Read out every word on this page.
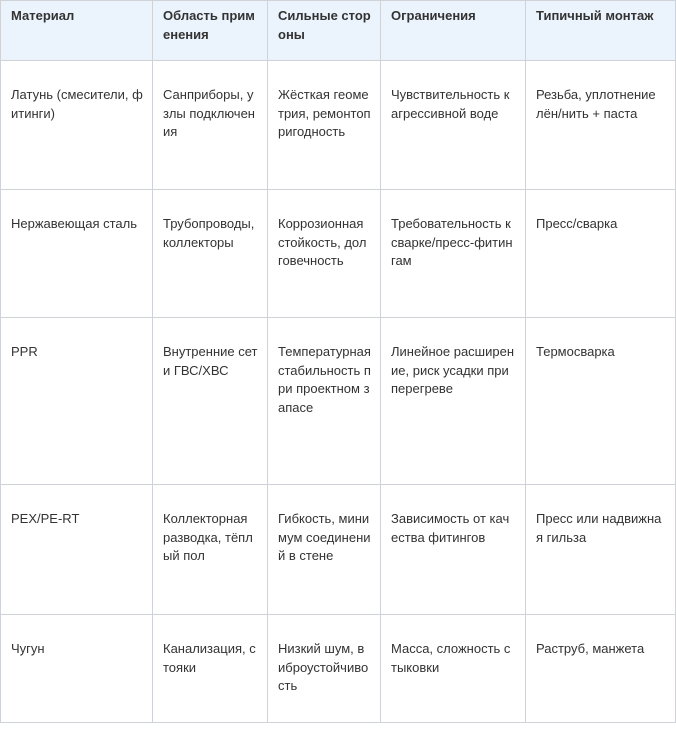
Материал	Область применения	Сильные стороны	Ограничения	Типичный монтаж
Латунь (смесители, фитинги)	Санприборы, узлы подключения	Жёсткая геометрия, ремонтопригодность	Чувствительность к агрессивной воде	Резьба, уплотнение лён/нить + паста
Нержавеющая сталь	Трубопроводы, коллекторы	Коррозионная стойкость, долговечность	Требовательность к сварке/пресс-фитингам	Пресс/сварка
PPR	Внутренние сети ГВС/ХВС	Температурная стабильность при проектном запасе	Линейное расширение, риск усадки при перегреве	Термосварка
PEX/PE-RT	Коллекторная разводка, тёплый пол	Гибкость, минимум соединений в стене	Зависимость от качества фитингов	Пресс или надвижная гильза
Чугун	Канализация, стояки	Низкий шум, виброустойчивость	Масса, сложность стыковки	Раструб, манжета
